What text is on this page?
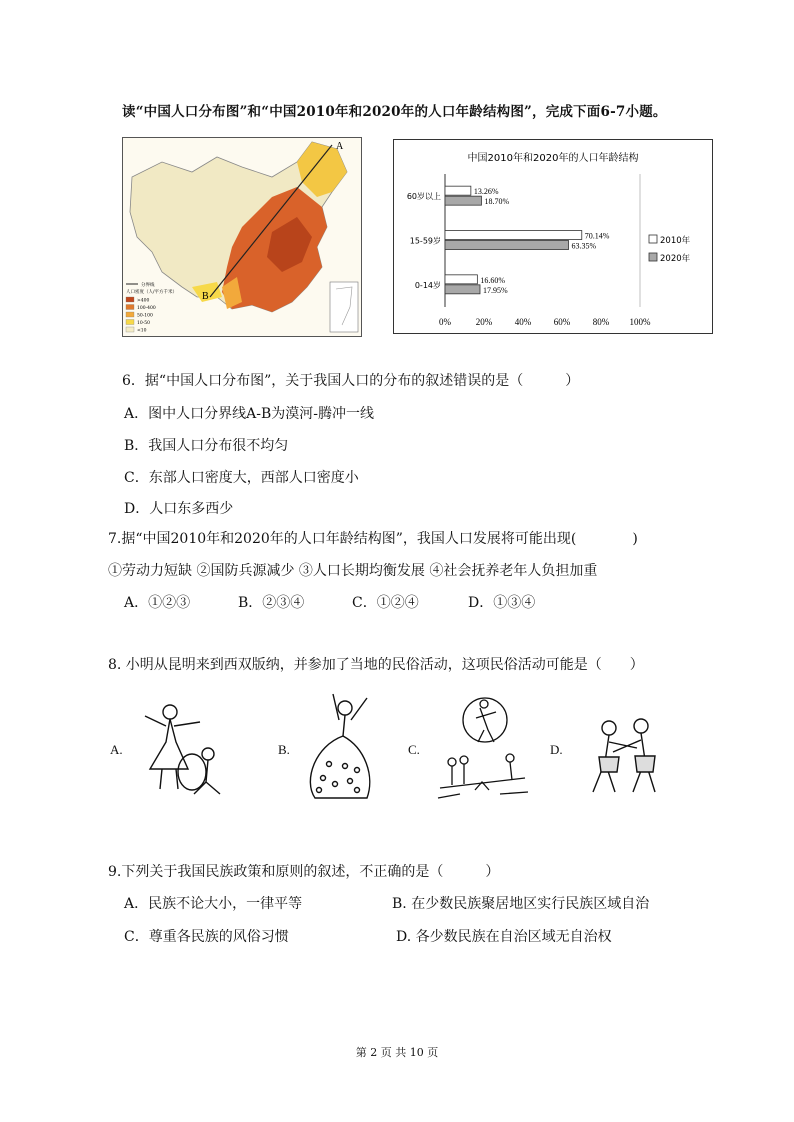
读“中国人口分布图”和“中国2010年和2020年的人口年龄结构图”，完成下面6-7小题。
A
B
分界线
人口密度（人/平方千米）
>400
100-400
50-100
10-50
<10
中国2010年和2020年的人口年龄结构
0%	20%	40%	60%	80% 100%
60岁以上
13.26%
18.70%
15-59岁
70.14%
63.35%
0-14岁
16.60%
17.95%
2010年
2020年
6．据“中国人口分布图”，关于我国人口的分布的叙述错误的是（　　　）
A．图中人口分界线A-B为漠河-腾冲一线
B．我国人口分布很不均匀
C．东部人口密度大，西部人口密度小
D．人口东多西少
7.据“中国2010年和2020年的人口年龄结构图”，我国人口发展将可能出现(　　　　)
①劳动力短缺 ②国防兵源减少 ③人口长期均衡发展 ④社会抚养老年人负担加重
A．①②③	B．②③④	C．①②④	D．①③④
8. 小明从昆明来到西双版纳，并参加了当地的民俗活动，这项民俗活动可能是（　　）
A.	B.	C.	D.
9.下列关于我国民族政策和原则的叙述，不正确的是（　　　）
A．民族不论大小，一律平等	B. 在少数民族聚居地区实行民族区域自治
C．尊重各民族的风俗习惯	D. 各少数民族在自治区域无自治权
第 2 页 共 10 页
